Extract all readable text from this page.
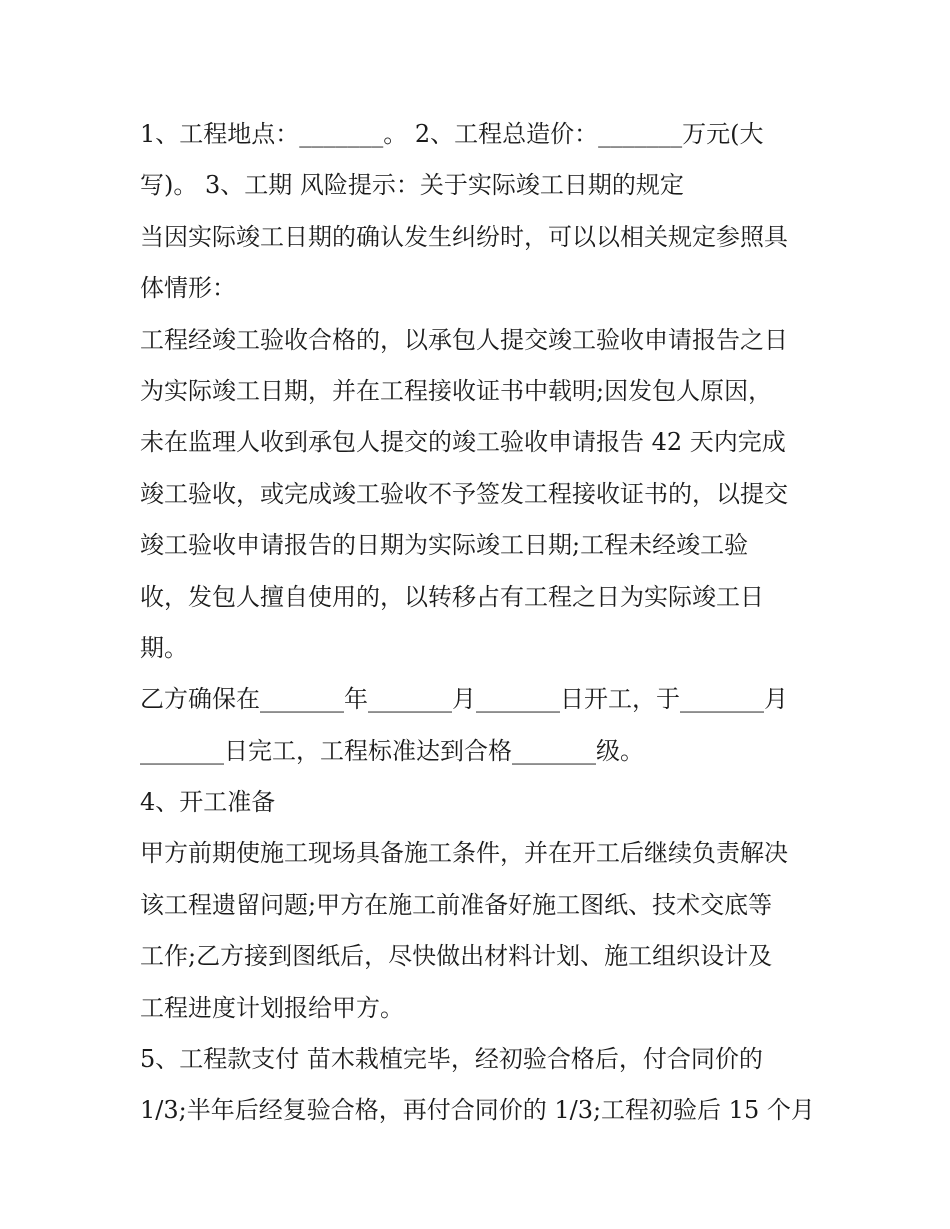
1、工程地点：_______。 2、工程总造价：_______万元(大
写)。 3、工期 风险提示：关于实际竣工日期的规定
当因实际竣工日期的确认发生纠纷时，可以以相关规定参照具
体情形：
工程经竣工验收合格的，以承包人提交竣工验收申请报告之日
为实际竣工日期，并在工程接收证书中载明;因发包人原因，
未在监理人收到承包人提交的竣工验收申请报告 42 天内完成
竣工验收，或完成竣工验收不予签发工程接收证书的，以提交
竣工验收申请报告的日期为实际竣工日期;工程未经竣工验
收，发包人擅自使用的，以转移占有工程之日为实际竣工日
期。
乙方确保在_______年_______月_______日开工，于_______月
_______日完工，工程标准达到合格_______级。
4、开工准备
甲方前期使施工现场具备施工条件，并在开工后继续负责解决
该工程遗留问题;甲方在施工前准备好施工图纸、技术交底等
工作;乙方接到图纸后，尽快做出材料计划、施工组织设计及
工程进度计划报给甲方。
5、工程款支付 苗木栽植完毕，经初验合格后，付合同价的
1/3;半年后经复验合格，再付合同价的 1/3;工程初验后 15 个月
